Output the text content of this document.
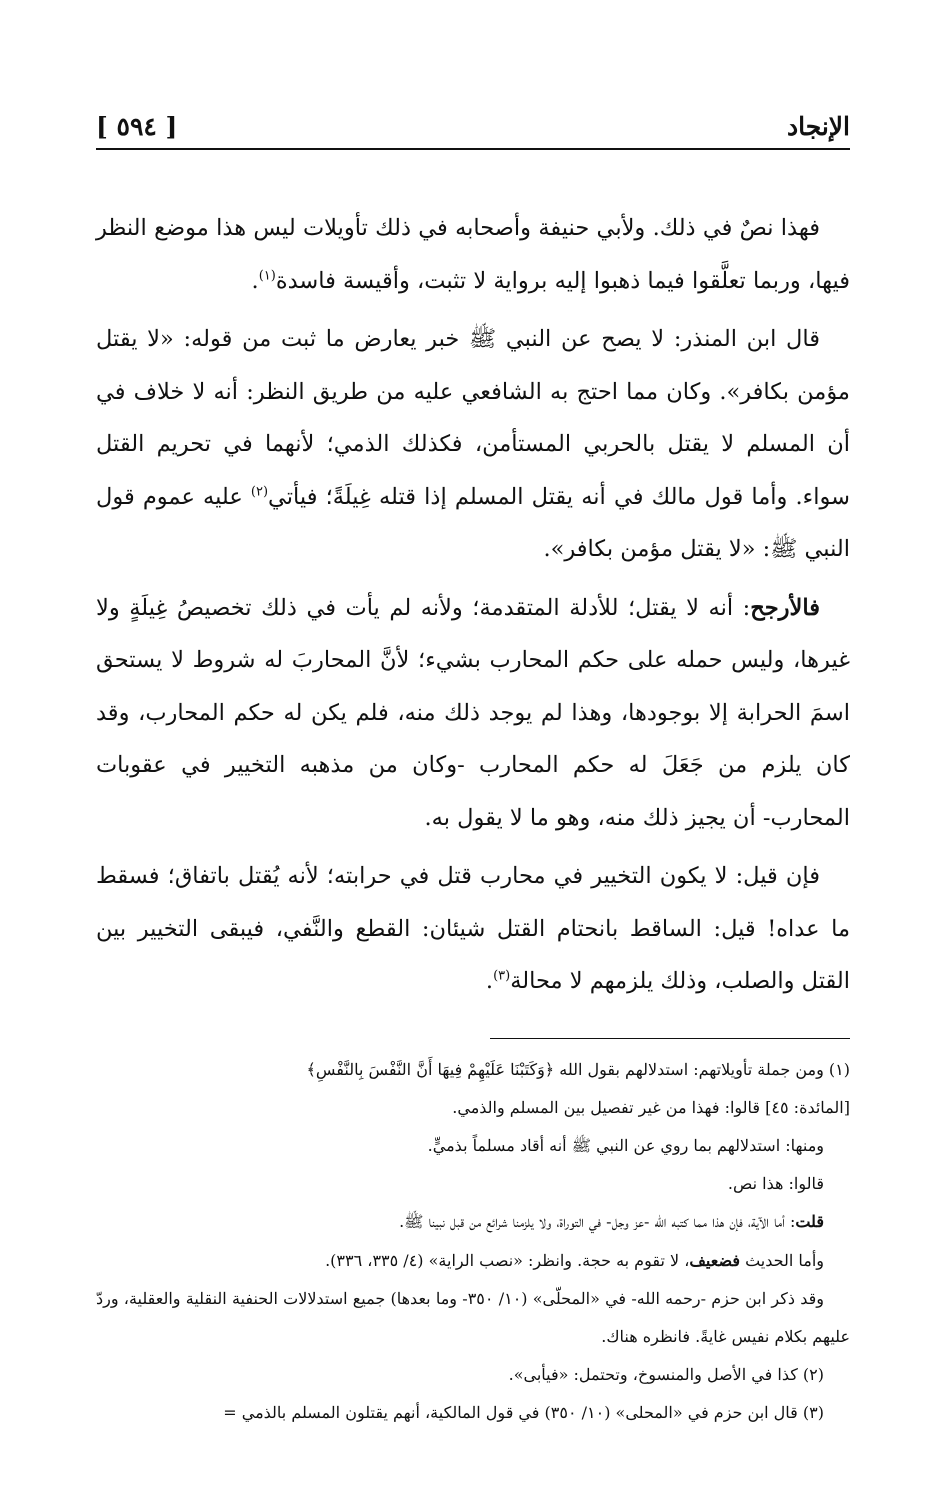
الإنجاد
[ ٥٩٤ ]

فهذا نصٌ في ذلك. ولأبي حنيفة وأصحابه في ذلك تأويلات ليس هذا موضع النظر فيها، وربما تعلَّقوا فيما ذهبوا إليه برواية لا تثبت، وأقيسة فاسدة$^{(١)}$.

قال ابن المنذر: لا يصح عن النبي ﷺ خبر يعارض ما ثبت من قوله: «لا يقتل مؤمن بكافر». وكان مما احتج به الشافعي عليه من طريق النظر: أنه لا خلاف في أن المسلم لا يقتل بالحربي المستأمن، فكذلك الذمي؛ لأنهما في تحريم القتل سواء. وأما قول مالك في أنه يقتل المسلم إذا قتله غِيلَةً؛ فيأتي$^{(٢)}$ عليه عموم قول النبي ﷺ: «لا يقتل مؤمن بكافر».

فالأرجح: أنه لا يقتل؛ للأدلة المتقدمة؛ ولأنه لم يأت في ذلك تخصيصُ غِيلَةٍ ولا غيرها، وليس حمله على حكم المحارب بشيء؛ لأنَّ المحاربَ له شروط لا يستحق اسمَ الحرابة إلا بوجودها، وهذا لم يوجد ذلك منه، فلم يكن له حكم المحارب، وقد كان يلزم من جَعَلَ له حكم المحارب -وكان من مذهبه التخيير في عقوبات المحارب- أن يجيز ذلك منه، وهو ما لا يقول به.

فإن قيل: لا يكون التخيير في محارب قتل في حرابته؛ لأنه يُقتل باتفاق؛ فسقط ما عداه! قيل: الساقط بانحتام القتل شيئان: القطع والنَّفي، فيبقى التخيير بين القتل والصلب، وذلك يلزمهم لا محالة$^{(٣)}$.

(١) ومن جملة تأويلاتهم: استدلالهم بقول الله ﴿وَكَتَبْنَا عَلَيْهِمْ فِيهَا أَنَّ النَّفْسَ بِالنَّفْسِ﴾

[المائدة: ٤٥] قالوا: فهذا من غير تفصيل بين المسلم والذمي.

ومنها: استدلالهم بما روي عن النبي ﷺ أنه أقاد مسلماً بذميٍّ.

قالوا: هذا نص.

قلت: أما الآية، فإن هذا مما كتبه الله -عز وجل- في التوراة، ولا يلزمنا شرائع من قبل نبينا ﷺ.

وأما الحديث فضعيف، لا تقوم به حجة. وانظر: «نصب الراية» (٤/ ٣٣٥، ٣٣٦).

وقد ذكر ابن حزم -رحمه الله- في «المحلّى» (١٠/ ٣٥٠- وما بعدها) جميع استدلالات الحنفية النقلية والعقلية، وردّ عليهم بكلام نفيس غايةً. فانظره هناك.

(٢) كذا في الأصل والمنسوخ، وتحتمل: «فيأبى».

(٣) قال ابن حزم في «المحلى» (١٠/ ٣٥٠) في قول المالكية، أنهم يقتلون المسلم بالذمي =
